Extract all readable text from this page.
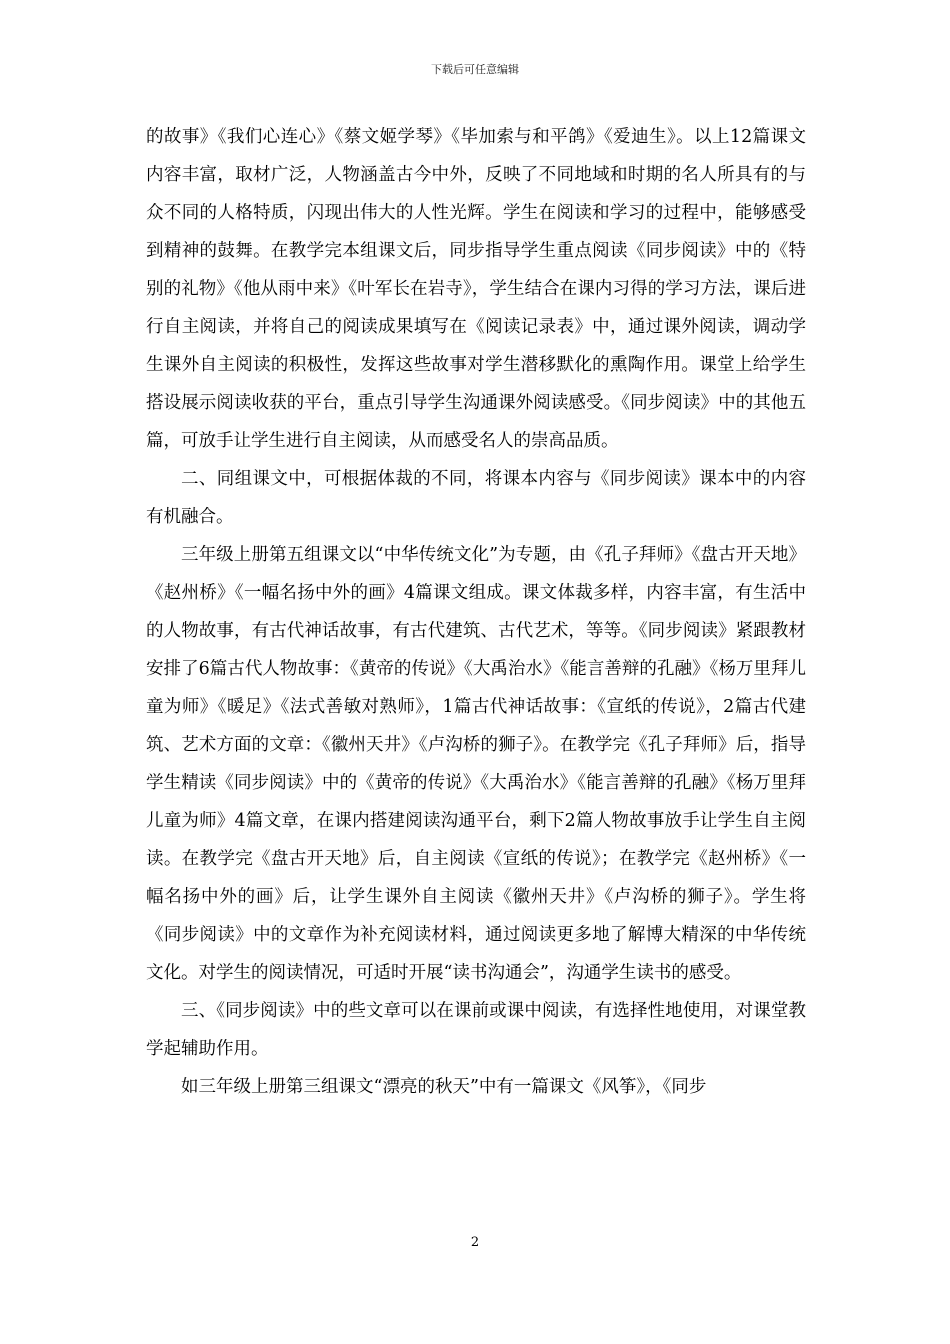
下载后可任意编辑

的故事》《我们心连心》《蔡文姬学琴》《毕加索与和平鸽》《爱迪生》。以上12篇课文内容丰富，取材广泛，人物涵盖古今中外，反映了不同地域和时期的名人所具有的与众不同的人格特质，闪现出伟大的人性光辉。学生在阅读和学习的过程中，能够感受到精神的鼓舞。在教学完本组课文后，同步指导学生重点阅读《同步阅读》中的《特别的礼物》《他从雨中来》《叶军长在岩寺》，学生结合在课内习得的学习方法，课后进行自主阅读，并将自己的阅读成果填写在《阅读记录表》中，通过课外阅读，调动学生课外自主阅读的积极性，发挥这些故事对学生潜移默化的熏陶作用。课堂上给学生搭设展示阅读收获的平台，重点引导学生沟通课外阅读感受。《同步阅读》中的其他五篇，可放手让学生进行自主阅读，从而感受名人的崇高品质。

二、同组课文中，可根据体裁的不同，将课本内容与《同步阅读》课本中的内容有机融合。

三年级上册第五组课文以“中华传统文化”为专题，由《孔子拜师》《盘古开天地》《赵州桥》《一幅名扬中外的画》4篇课文组成。课文体裁多样，内容丰富，有生活中的人物故事，有古代神话故事，有古代建筑、古代艺术，等等。《同步阅读》紧跟教材安排了6篇古代人物故事：《黄帝的传说》《大禹治水》《能言善辩的孔融》《杨万里拜儿童为师》《暖足》《法式善敏对熟师》，1篇古代神话故事：《宣纸的传说》，2篇古代建筑、艺术方面的文章：《徽州天井》《卢沟桥的狮子》。在教学完《孔子拜师》后，指导学生精读《同步阅读》中的《黄帝的传说》《大禹治水》《能言善辩的孔融》《杨万里拜儿童为师》4篇文章，在课内搭建阅读沟通平台，剩下2篇人物故事放手让学生自主阅读。在教学完《盘古开天地》后，自主阅读《宣纸的传说》；在教学完《赵州桥》《一幅名扬中外的画》后，让学生课外自主阅读《徽州天井》《卢沟桥的狮子》。学生将《同步阅读》中的文章作为补充阅读材料，通过阅读更多地了解博大精深的中华传统文化。对学生的阅读情况，可适时开展“读书沟通会”，沟通学生读书的感受。

三、《同步阅读》中的些文章可以在课前或课中阅读，有选择性地使用，对课堂教学起辅助作用。

如三年级上册第三组课文“漂亮的秋天”中有一篇课文《风筝》，《同步

2
